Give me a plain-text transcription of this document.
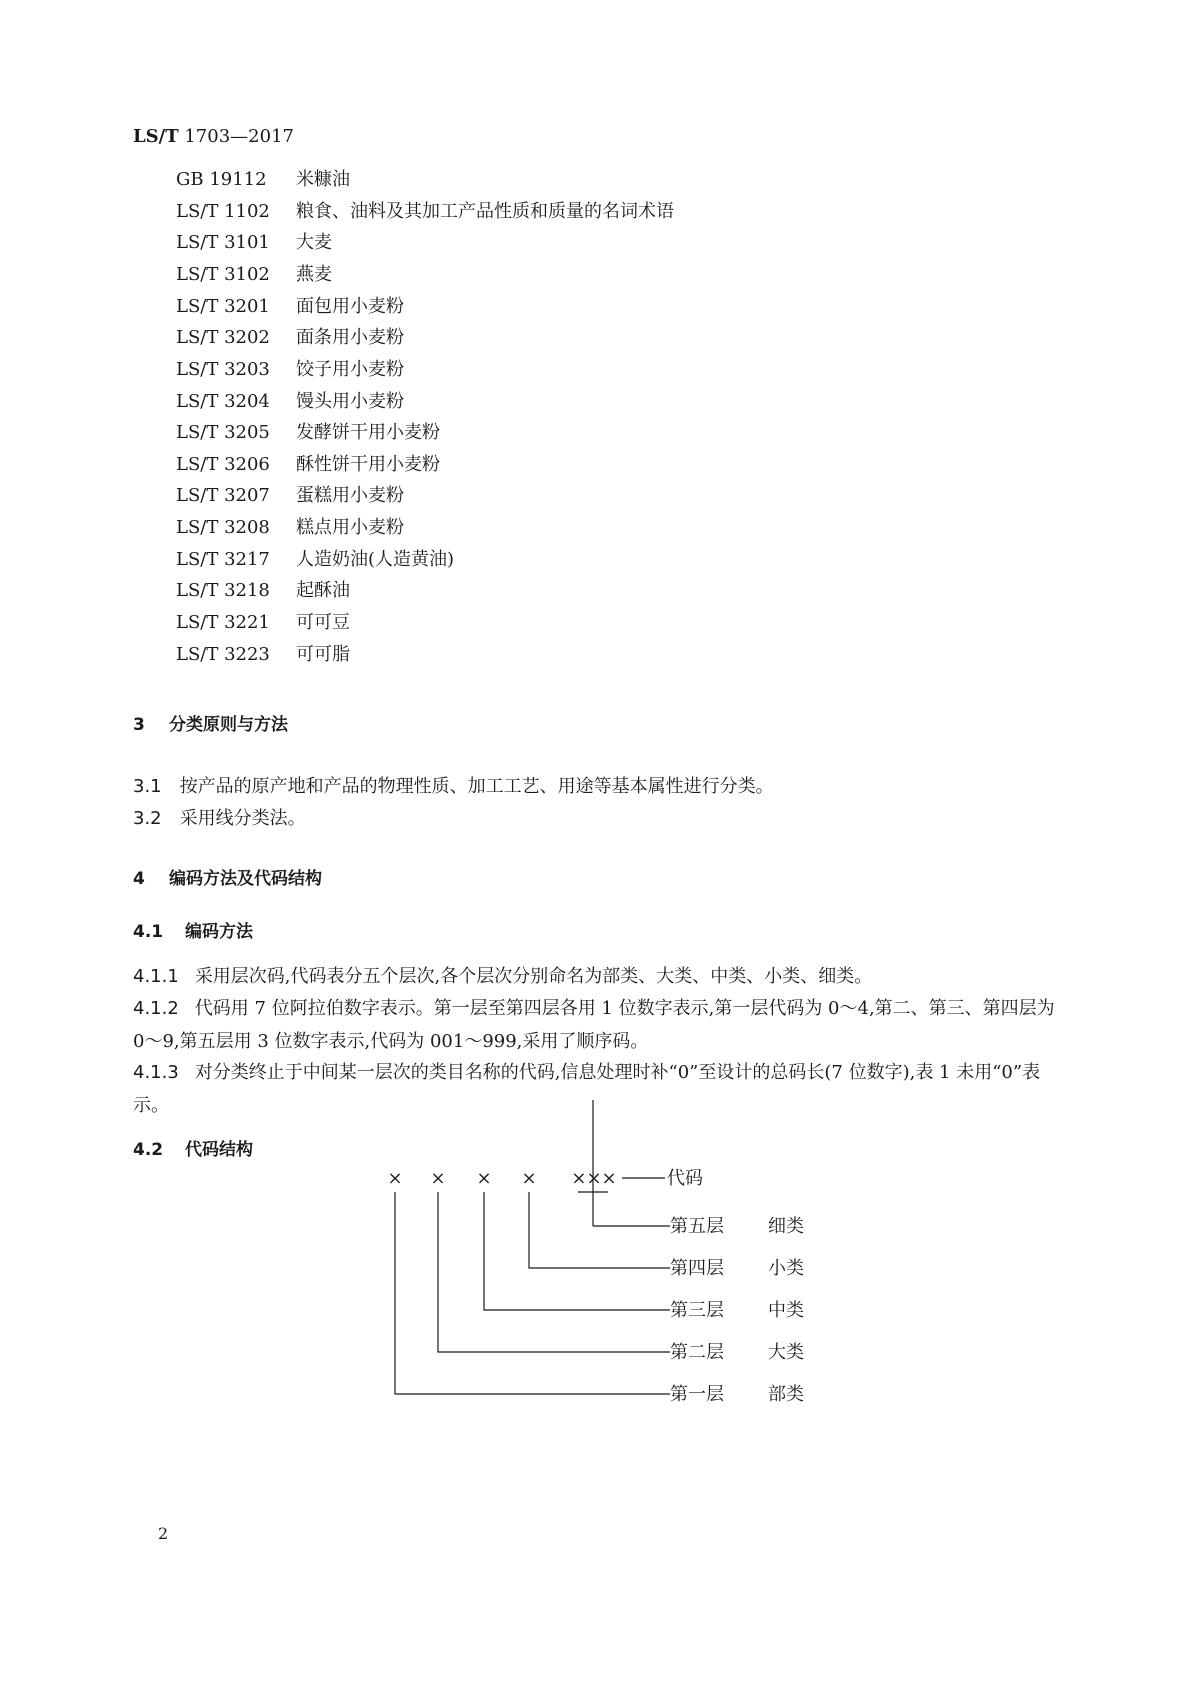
LS/T 1703—2017
GB 19112 米糠油
LS/T 1102 粮食、油料及其加工产品性质和质量的名词术语
LS/T 3101 大麦
LS/T 3102 燕麦
LS/T 3201 面包用小麦粉
LS/T 3202 面条用小麦粉
LS/T 3203 饺子用小麦粉
LS/T 3204 馒头用小麦粉
LS/T 3205 发酵饼干用小麦粉
LS/T 3206 酥性饼干用小麦粉
LS/T 3207 蛋糕用小麦粉
LS/T 3208 糕点用小麦粉
LS/T 3217 人造奶油(人造黄油)
LS/T 3218 起酥油
LS/T 3221 可可豆
LS/T 3223 可可脂
3 分类原则与方法
3.1 按产品的原产地和产品的物理性质、加工工艺、用途等基本属性进行分类。
3.2 采用线分类法。
4 编码方法及代码结构
4.1 编码方法
4.1.1 采用层次码,代码表分五个层次,各个层次分别命名为部类、大类、中类、小类、细类。
4.1.2 代码用 7 位阿拉伯数字表示。第一层至第四层各用 1 位数字表示,第一层代码为 0～4,第二、第三、第四层为 0～9,第五层用 3 位数字表示,代码为 001～999,采用了顺序码。
4.1.3 对分类终止于中间某一层次的类目名称的代码,信息处理时补“0”至设计的总码长(7 位数字),表 1 未用“0”表示。
4.2 代码结构
× × × × ×××	代码
第五层 细类
第四层 小类
第三层 中类
第二层 大类
第一层 部类
2
